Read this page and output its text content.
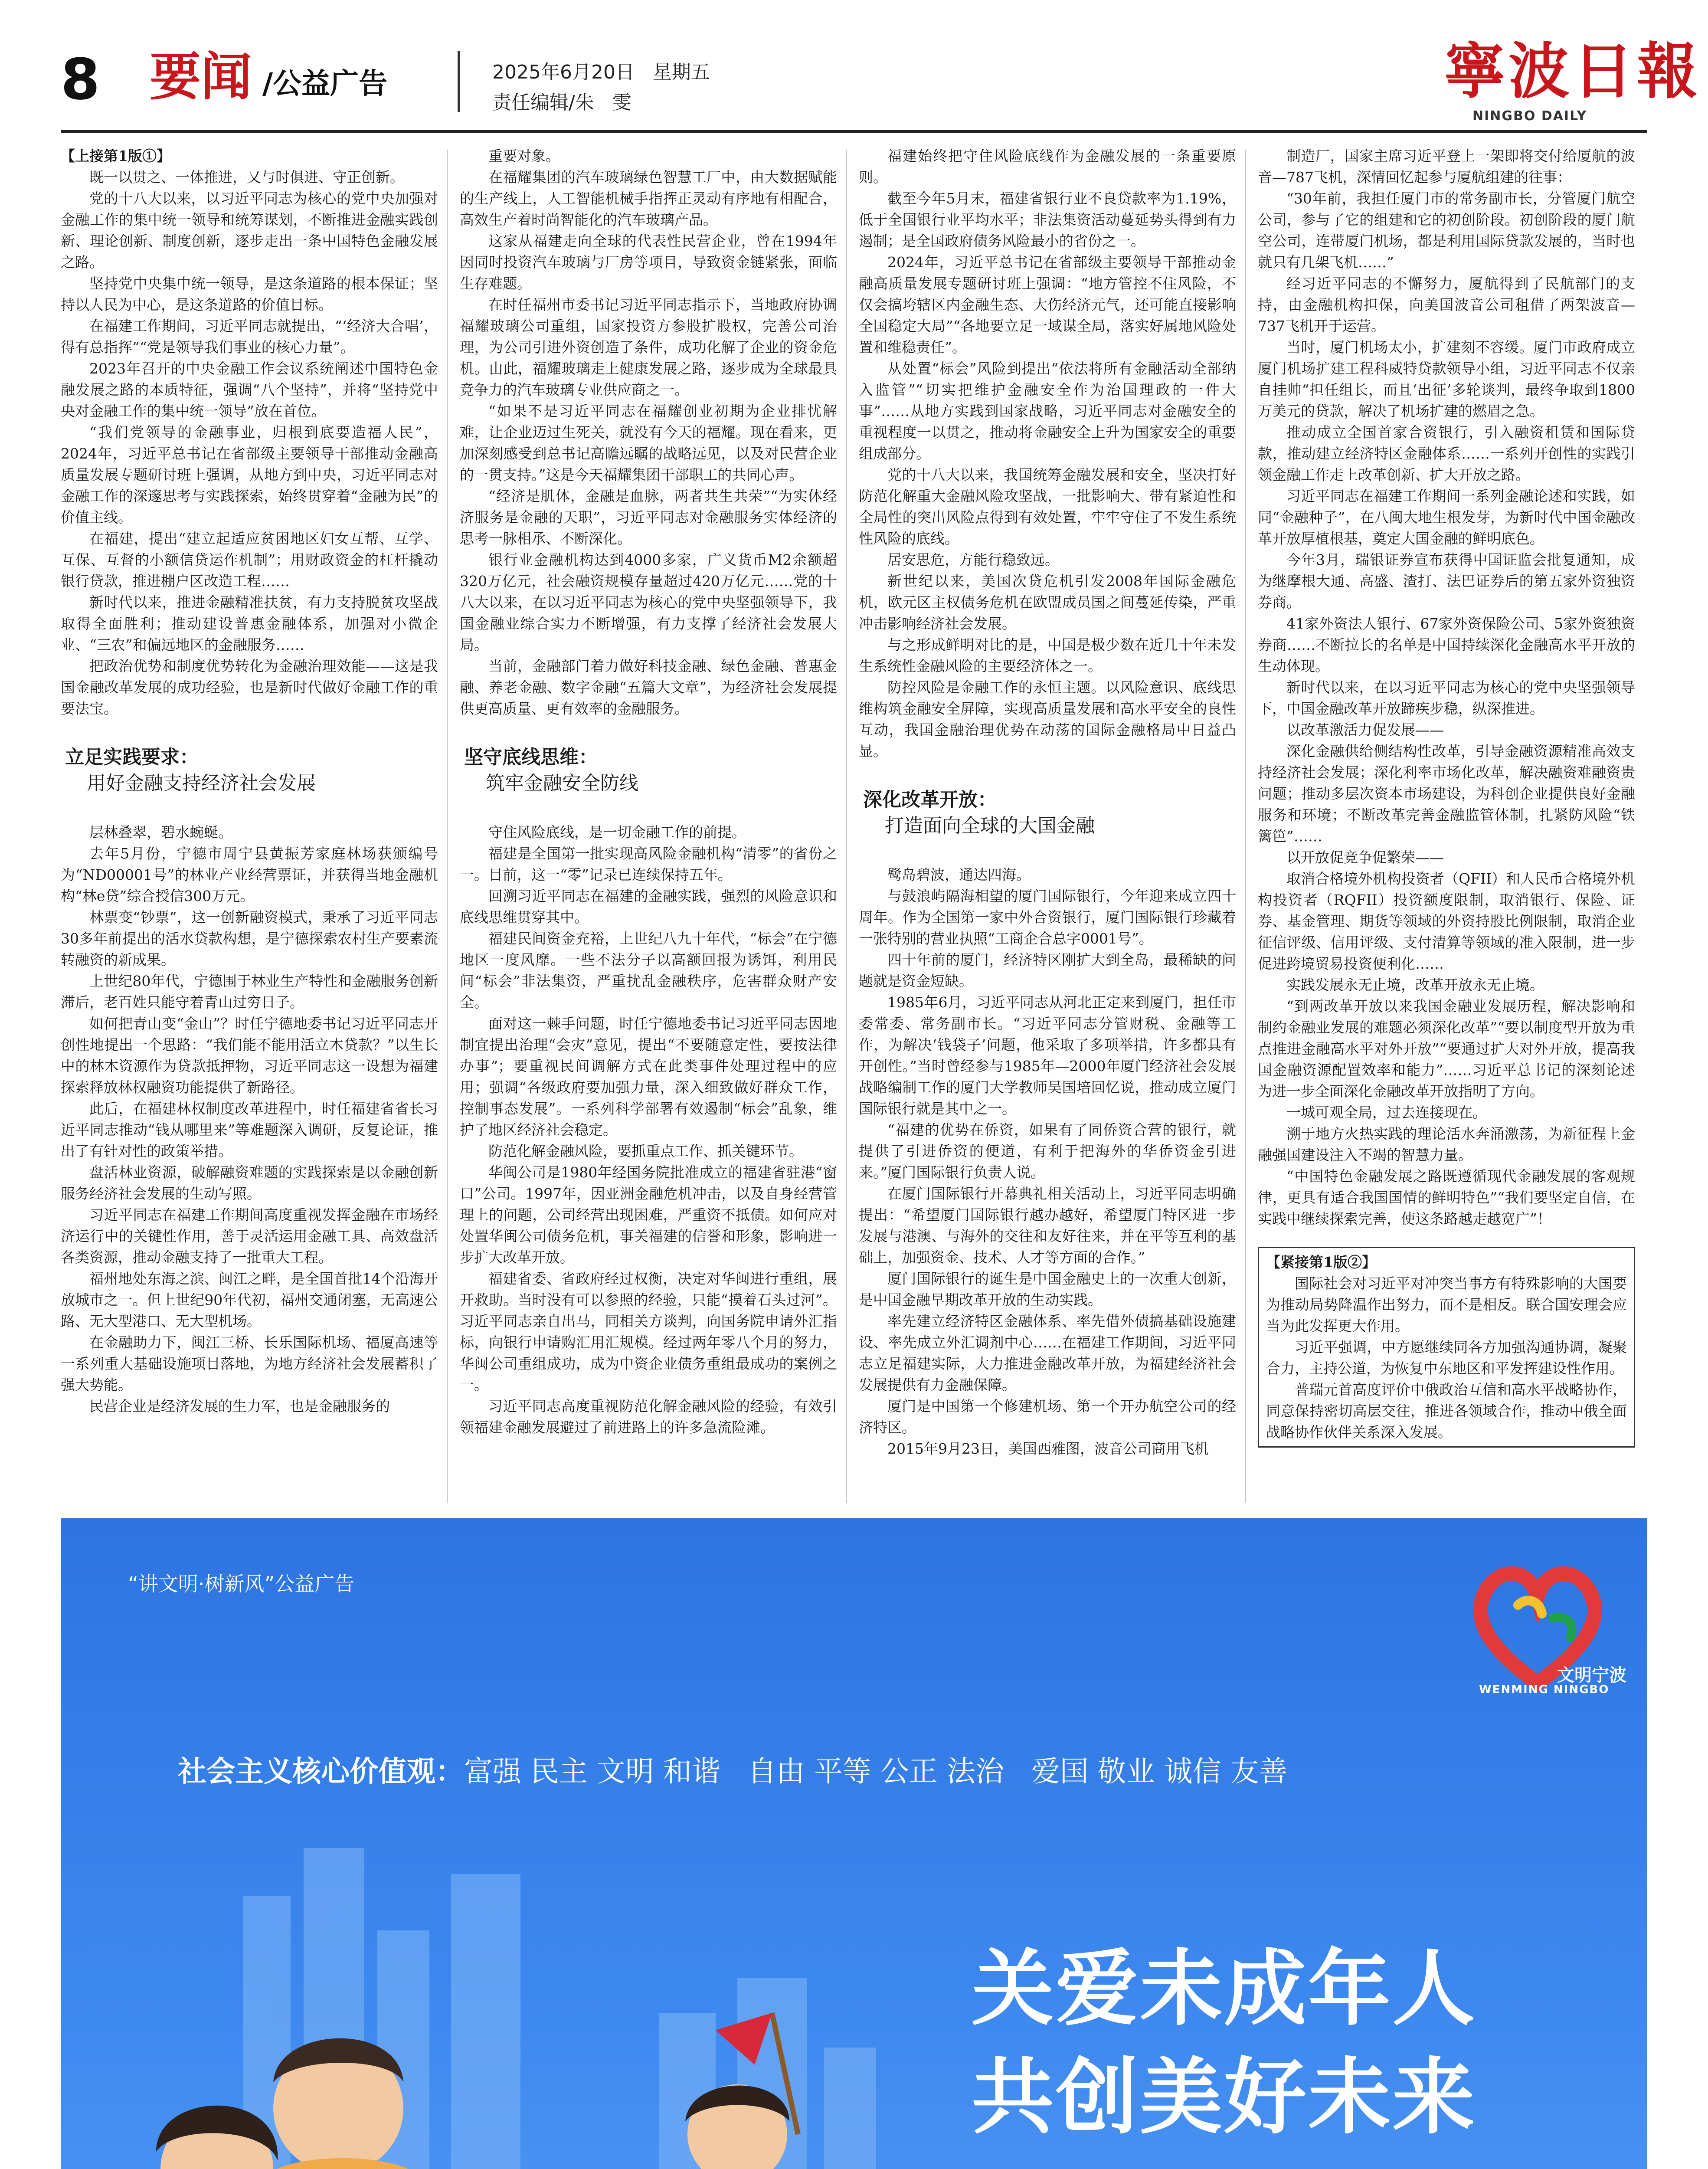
8 要闻 /公益广告	2025年6月20日   星期五
责任编辑/朱   雯	寧波日報
NINGBO DAILY

【上接第1版①】

既一以贯之、一体推进，又与时俱进、守正创新。

党的十八大以来，以习近平同志为核心的党中央加强对金融工作的集中统一领导和统筹谋划，不断推进金融实践创新、理论创新、制度创新，逐步走出一条中国特色金融发展之路。

坚持党中央集中统一领导，是这条道路的根本保证；坚持以人民为中心，是这条道路的价值目标。

在福建工作期间，习近平同志就提出，“‘经济大合唱’，得有总指挥”“党是领导我们事业的核心力量”。

2023年召开的中央金融工作会议系统阐述中国特色金融发展之路的本质特征，强调“八个坚持”，并将“坚持党中央对金融工作的集中统一领导”放在首位。

“我们党领导的金融事业，归根到底要造福人民”，2024年，习近平总书记在省部级主要领导干部推动金融高质量发展专题研讨班上强调，从地方到中央，习近平同志对金融工作的深邃思考与实践探索，始终贯穿着“金融为民”的价值主线。

在福建，提出“建立起适应贫困地区妇女互帮、互学、互保、互督的小额信贷运作机制”；用财政资金的杠杆撬动银行贷款，推进棚户区改造工程……

新时代以来，推进金融精准扶贫，有力支持脱贫攻坚战取得全面胜利；推动建设普惠金融体系，加强对小微企业、“三农”和偏远地区的金融服务……

把政治优势和制度优势转化为金融治理效能——这是我国金融改革发展的成功经验，也是新时代做好金融工作的重要法宝。

立足实践要求：
用好金融支持经济社会发展

层林叠翠，碧水蜿蜒。

去年5月份，宁德市周宁县黄振芳家庭林场获颁编号为“ND00001号”的林业产业经营票证，并获得当地金融机构“林e贷”综合授信300万元。

林票变“钞票”，这一创新融资模式，秉承了习近平同志30多年前提出的活水贷款构想，是宁德探索农村生产要素流转融资的新成果。

上世纪80年代，宁德围于林业生产特性和金融服务创新滞后，老百姓只能守着青山过穷日子。

如何把青山变“金山”？时任宁德地委书记习近平同志开创性地提出一个思路：“我们能不能用活立木贷款？”以生长中的林木资源作为贷款抵押物，习近平同志这一设想为福建探索释放林权融资功能提供了新路径。

此后，在福建林权制度改革进程中，时任福建省省长习近平同志推动“钱从哪里来”等难题深入调研，反复论证，推出了有针对性的政策举措。

盘活林业资源，破解融资难题的实践探索是以金融创新服务经济社会发展的生动写照。

习近平同志在福建工作期间高度重视发挥金融在市场经济运行中的关键性作用，善于灵活运用金融工具、高效盘活各类资源，推动金融支持了一批重大工程。

福州地处东海之滨、闽江之畔，是全国首批14个沿海开放城市之一。但上世纪90年代初，福州交通闭塞，无高速公路、无大型港口、无大型机场。

在金融助力下，闽江三桥、长乐国际机场、福厦高速等一系列重大基础设施项目落地，为地方经济社会发展蓄积了强大势能。

民营企业是经济发展的生力军，也是金融服务的

重要对象。

在福耀集团的汽车玻璃绿色智慧工厂中，由大数据赋能的生产线上，人工智能机械手指挥正灵动有序地有相配合，高效生产着时尚智能化的汽车玻璃产品。

这家从福建走向全球的代表性民营企业，曾在1994年因同时投资汽车玻璃与厂房等项目，导致资金链紧张，面临生存难题。

在时任福州市委书记习近平同志指示下，当地政府协调福耀玻璃公司重组，国家投资方参股扩股权，完善公司治理，为公司引进外资创造了条件，成功化解了企业的资金危机。由此，福耀玻璃走上健康发展之路，逐步成为全球最具竞争力的汽车玻璃专业供应商之一。

“如果不是习近平同志在福耀创业初期为企业排忧解难，让企业迈过生死关，就没有今天的福耀。现在看来，更加深刻感受到总书记高瞻远瞩的战略远见，以及对民营企业的一贯支持。”这是今天福耀集团干部职工的共同心声。

“经济是肌体，金融是血脉，两者共生共荣”“为实体经济服务是金融的天职”，习近平同志对金融服务实体经济的思考一脉相承、不断深化。

银行业金融机构达到4000多家，广义货币M2余额超320万亿元，社会融资规模存量超过420万亿元……党的十八大以来，在以习近平同志为核心的党中央坚强领导下，我国金融业综合实力不断增强，有力支撑了经济社会发展大局。

当前，金融部门着力做好科技金融、绿色金融、普惠金融、养老金融、数字金融“五篇大文章”，为经济社会发展提供更高质量、更有效率的金融服务。

坚守底线思维：
筑牢金融安全防线

守住风险底线，是一切金融工作的前提。

福建是全国第一批实现高风险金融机构“清零”的省份之一。目前，这一“零”记录已连续保持五年。

回溯习近平同志在福建的金融实践，强烈的风险意识和底线思维贯穿其中。

福建民间资金充裕，上世纪八九十年代，“标会”在宁德地区一度风靡。一些不法分子以高额回报为诱饵，利用民间“标会”非法集资，严重扰乱金融秩序，危害群众财产安全。

面对这一棘手问题，时任宁德地委书记习近平同志因地制宜提出治理“会灾”意见，提出“不要随意定性，要按法律办事”；要重视民间调解方式在此类事件处理过程中的应用；强调“各级政府要加强力量，深入细致做好群众工作，控制事态发展”。一系列科学部署有效遏制“标会”乱象，维护了地区经济社会稳定。

防范化解金融风险，要抓重点工作、抓关键环节。

华闽公司是1980年经国务院批准成立的福建省驻港“窗口”公司。1997年，因亚洲金融危机冲击，以及自身经营管理上的问题，公司经营出现困难，严重资不抵债。如何应对处置华闽公司债务危机，事关福建的信誉和形象，影响进一步扩大改革开放。

福建省委、省政府经过权衡，决定对华闽进行重组，展开救助。当时没有可以参照的经验，只能“摸着石头过河”。习近平同志亲自出马，同相关方谈判，向国务院申请外汇指标，向银行申请购汇用汇规模。经过两年零八个月的努力，华闽公司重组成功，成为中资企业债务重组最成功的案例之一。

习近平同志高度重视防范化解金融风险的经验，有效引领福建金融发展避过了前进路上的许多急流险滩。

福建始终把守住风险底线作为金融发展的一条重要原则。

截至今年5月末，福建省银行业不良贷款率为1.19%，低于全国银行业平均水平；非法集资活动蔓延势头得到有力遏制；是全国政府债务风险最小的省份之一。

2024年，习近平总书记在省部级主要领导干部推动金融高质量发展专题研讨班上强调：“地方管控不住风险，不仅会搞垮辖区内金融生态、大伤经济元气，还可能直接影响全国稳定大局”“各地要立足一域谋全局，落实好属地风险处置和维稳责任”。

从处置“标会”风险到提出“依法将所有金融活动全部纳入监管”“切实把维护金融安全作为治国理政的一件大事”……从地方实践到国家战略，习近平同志对金融安全的重视程度一以贯之，推动将金融安全上升为国家安全的重要组成部分。

党的十八大以来，我国统筹金融发展和安全，坚决打好防范化解重大金融风险攻坚战，一批影响大、带有紧迫性和全局性的突出风险点得到有效处置，牢牢守住了不发生系统性风险的底线。

居安思危，方能行稳致远。

新世纪以来，美国次贷危机引发2008年国际金融危机，欧元区主权债务危机在欧盟成员国之间蔓延传染，严重冲击影响经济社会发展。

与之形成鲜明对比的是，中国是极少数在近几十年未发生系统性金融风险的主要经济体之一。

防控风险是金融工作的永恒主题。以风险意识、底线思维构筑金融安全屏障，实现高质量发展和高水平安全的良性互动，我国金融治理优势在动荡的国际金融格局中日益凸显。

深化改革开放：
打造面向全球的大国金融

鹭岛碧波，通达四海。

与鼓浪屿隔海相望的厦门国际银行，今年迎来成立四十周年。作为全国第一家中外合资银行，厦门国际银行珍藏着一张特别的营业执照“工商企合总字0001号”。

四十年前的厦门，经济特区刚扩大到全岛，最稀缺的问题就是资金短缺。

1985年6月，习近平同志从河北正定来到厦门，担任市委常委、常务副市长。“习近平同志分管财税、金融等工作，为解决‘钱袋子’问题，他采取了多项举措，许多都具有开创性。”当时曾经参与1985年—2000年厦门经济社会发展战略编制工作的厦门大学教师吴国培回忆说，推动成立厦门国际银行就是其中之一。

“福建的优势在侨资，如果有了同侨资合营的银行，就提供了引进侨资的便道，有利于把海外的华侨资金引进来。”厦门国际银行负责人说。

在厦门国际银行开幕典礼相关活动上，习近平同志明确提出：“希望厦门国际银行越办越好，希望厦门特区进一步发展与港澳、与海外的交往和友好往来，并在平等互利的基础上，加强资金、技术、人才等方面的合作。”

厦门国际银行的诞生是中国金融史上的一次重大创新，是中国金融早期改革开放的生动实践。

率先建立经济特区金融体系、率先借外债搞基础设施建设、率先成立外汇调剂中心……在福建工作期间，习近平同志立足福建实际，大力推进金融改革开放，为福建经济社会发展提供有力金融保障。

厦门是中国第一个修建机场、第一个开办航空公司的经济特区。

2015年9月23日，美国西雅图，波音公司商用飞机

制造厂，国家主席习近平登上一架即将交付给厦航的波音—787飞机，深情回忆起参与厦航组建的往事：

“30年前，我担任厦门市的常务副市长，分管厦门航空公司，参与了它的组建和它的初创阶段。初创阶段的厦门航空公司，连带厦门机场，都是利用国际贷款发展的，当时也就只有几架飞机……”

经习近平同志的不懈努力，厦航得到了民航部门的支持，由金融机构担保，向美国波音公司租借了两架波音—737飞机开于运营。

当时，厦门机场太小，扩建刻不容缓。厦门市政府成立厦门机场扩建工程科威特贷款领导小组，习近平同志不仅亲自挂帅“担任组长，而且‘出征’多轮谈判，最终争取到1800万美元的贷款，解决了机场扩建的燃眉之急。

推动成立全国首家合资银行，引入融资租赁和国际贷款，推动建立经济特区金融体系……一系列开创性的实践引领金融工作走上改革创新、扩大开放之路。

习近平同志在福建工作期间一系列金融论述和实践，如同“金融种子”，在八闽大地生根发芽，为新时代中国金融改革开放厚植根基，奠定大国金融的鲜明底色。

今年3月，瑞银证券宣布获得中国证监会批复通知，成为继摩根大通、高盛、渣打、法巴证券后的第五家外资独资券商。

41家外资法人银行、67家外资保险公司、5家外资独资券商……不断拉长的名单是中国持续深化金融高水平开放的生动体现。

新时代以来，在以习近平同志为核心的党中央坚强领导下，中国金融改革开放蹄疾步稳，纵深推进。

以改革激活力促发展——

深化金融供给侧结构性改革，引导金融资源精准高效支持经济社会发展；深化利率市场化改革，解决融资难融资贵问题；推动多层次资本市场建设，为科创企业提供良好金融服务和环境；不断改革完善金融监管体制，扎紧防风险“铁篱笆”……

以开放促竞争促繁荣——

取消合格境外机构投资者（QFII）和人民币合格境外机构投资者（RQFII）投资额度限制，取消银行、保险、证券、基金管理、期货等领域的外资持股比例限制，取消企业征信评级、信用评级、支付清算等领域的准入限制，进一步促进跨境贸易投资便利化……

实践发展永无止境，改革开放永无止境。

“到两改革开放以来我国金融业发展历程，解决影响和制约金融业发展的难题必须深化改革”“要以制度型开放为重点推进金融高水平对外开放”“要通过扩大对外开放，提高我国金融资源配置效率和能力”……习近平总书记的深刻论述为进一步全面深化金融改革开放指明了方向。

一城可观全局，过去连接现在。

溯于地方火热实践的理论活水奔涌激荡，为新征程上金融强国建设注入不竭的智慧力量。

“中国特色金融发展之路既遵循现代金融发展的客观规律，更具有适合我国国情的鲜明特色”“我们要坚定自信，在实践中继续探索完善，使这条路越走越宽广”！

【紧接第1版②】

国际社会对习近平对冲突当事方有特殊影响的大国要为推动局势降温作出努力，而不是相反。联合国安理会应当为此发挥更大作用。

习近平强调，中方愿继续同各方加强沟通协调，凝聚合力，主持公道，为恢复中东地区和平发挥建设性作用。

普瑞元首高度评价中俄政治互信和高水平战略协作，同意保持密切高层交往，推进各领域合作，推动中俄全面战略协作伙伴关系深入发展。

“讲文明·树新风”公益广告
文明宁波
WENMING NINGBO
社会主义核心价值观：富强 民主 文明 和谐   自由 平等 公正 法治   爱国 敬业 诚信 友善
关爱未成年人
共创美好未来
